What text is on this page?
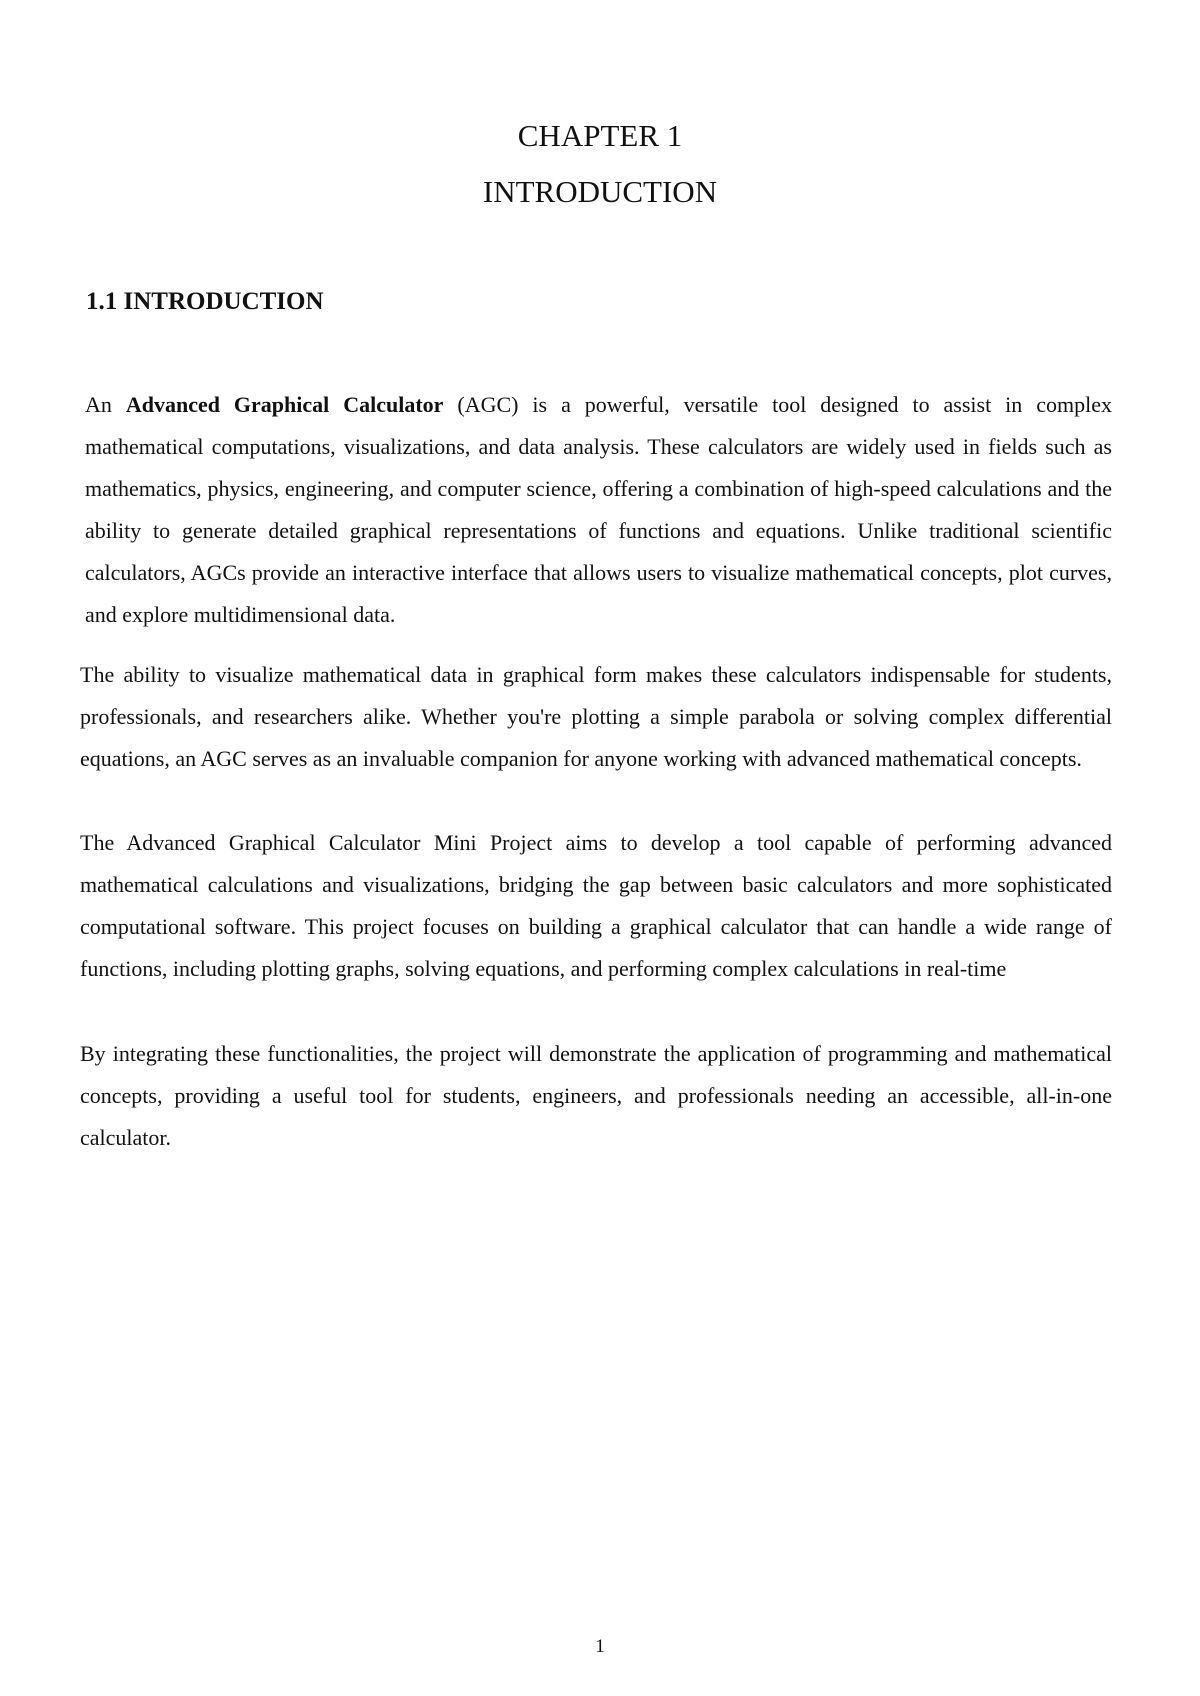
CHAPTER 1
INTRODUCTION
1.1 INTRODUCTION

An Advanced Graphical Calculator (AGC) is a powerful, versatile tool designed to assist in complex mathematical computations, visualizations, and data analysis. These calculators are widely used in fields such as mathematics, physics, engineering, and computer science, offering a combination of high-speed calculations and the ability to generate detailed graphical representations of functions and equations. Unlike traditional scientific calculators, AGCs provide an interactive interface that allows users to visualize mathematical concepts, plot curves, and explore multidimensional data.

The ability to visualize mathematical data in graphical form makes these calculators indispensable for students, professionals, and researchers alike. Whether you're plotting a simple parabola or solving complex differential equations, an AGC serves as an invaluable companion for anyone working with advanced mathematical concepts.

The Advanced Graphical Calculator Mini Project aims to develop a tool capable of performing advanced mathematical calculations and visualizations, bridging the gap between basic calculators and more sophisticated computational software. This project focuses on building a graphical calculator that can handle a wide range of functions, including plotting graphs, solving equations, and performing complex calculations in real-time

By integrating these functionalities, the project will demonstrate the application of programming and mathematical concepts, providing a useful tool for students, engineers, and professionals needing an accessible, all-in-one calculator.

1
